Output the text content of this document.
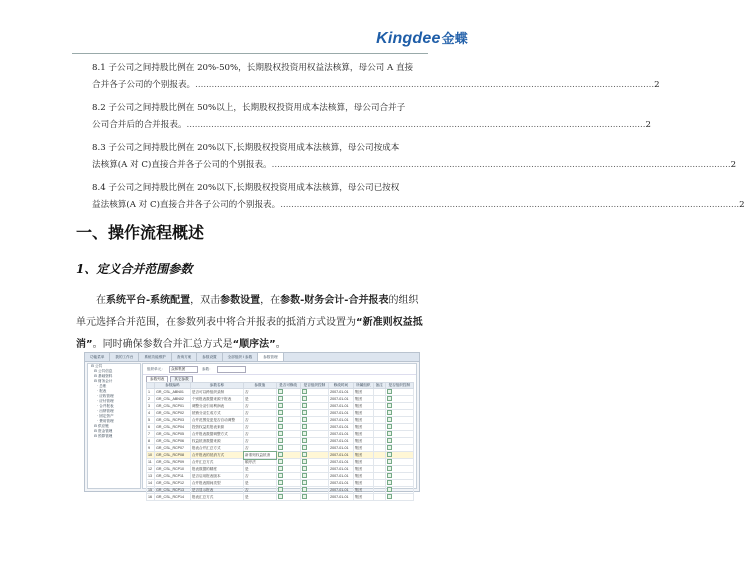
Kingdee金蝶
8.1 子公司之间持股比例在 20%-50%，长期股权投资用权益法核算，母公司 A 直接
合并各子公司的个别报表。 .....	2
8.2 子公司之间持股比例在 50%以上，长期股权投资用成本法核算，母公司合并子
公司合并后的合并报表。 .....	2
8.3 子公司之间持股比例在 20%以下,长期股权投资用成本法核算，母公司按成本
法核算(A 对 C)直接合并各子公司的个别报表。 .....	2
8.4 子公司之间持股比例在 20%以下,长期股权投资用成本法核算，母公司已按权
益法核算(A 对 C)直接合并各子公司的个别报表。 .....	2
一、操作流程概述
1、定义合并范围参数
在系统平台-系统配置，双击参数设置，在参数-财务会计-合并报表的组织单元选择合并范围，在参数列表中将合并报表的抵消方式设置为“新准则权益抵消”。同时确保参数合并汇总方式是“顺序法”。
功能菜单	我的工作台	系统功能维护	查询方案	参数设置	全部组织 I 参数	参数管理
⊟ 公共
⊟ 公共信息
⊟ 基础资料
⊟ 财务会计
· 总账
· 报表
· 应收管理
· 应付管理
· 合并报表
· 出纳管理
· 固定资产
· 费用管理
⊟ 供应链
⊟ 资金管理
⊟ 预算管理
组织单元：	众林集团	参数：
参数列表	其它参数
	参数编码	参数名称	参数值	是否可修改	是否组织控制	修改时间	所属组织	备注	是否组织控制
1	GR_CSL_ABN01	是否可以跨组织录制	否			2007-01-01	集团		
2	GR_CSL_ABN02	个别报表数据来源于报表	是			2007-01-01	集团		
3	GR_CSL_RCP01	调整分录引用利润表	否			2007-01-01	集团		
4	GR_CSL_RCP02	抵销分录生成方式	否			2007-01-01	集团		
5	GR_CSL_RCP03	合并范围变更是否自动调整	否			2007-01-01	集团		
6	GR_CSL_RCP04	投资权益类报表来源	否			2007-01-01	集团		
7	GR_CSL_RCP05	合并报表数据调整方式	否			2007-01-01	集团		
8	GR_CSL_RCP06	权益抵消数据来源	否			2007-01-01	集团		
9	GR_CSL_RCP07	报表合并汇总方式	否			2007-01-01	集团		
10	GR_CSL_RCP08	合并报表的抵消方式	新准则权益抵消			2007-01-01	集团		
11	GR_CSL_RCP09	合并汇总方式	顺序法			2007-01-01	集团		
12	GR_CSL_RCP10	报表数据的精度	是			2007-01-01	集团		
13	GR_CSL_RCP11	是否启用报表版本	否			2007-01-01	集团		
14	GR_CSL_RCP12	合并报表期间类型	是			2007-01-01	集团		
15	GR_CSL_RCP13	是否显示报表	否			2007-01-01	集团		
16	GR_CSL_RCP14	报表汇总方式	是			2007-01-01	集团		
